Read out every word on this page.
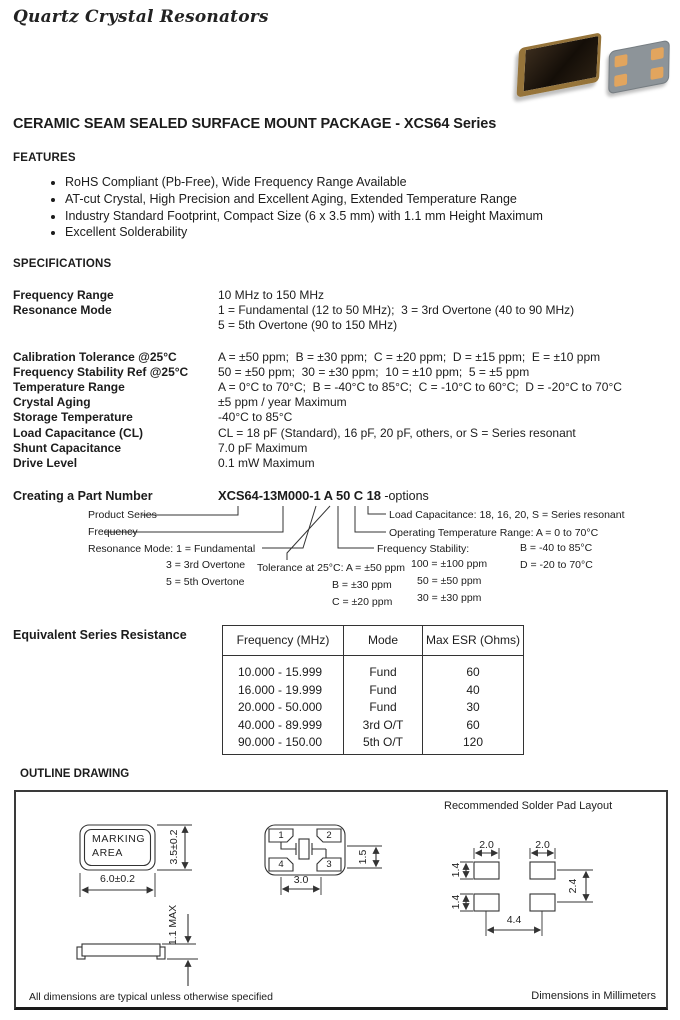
Quartz Crystal Resonators
CERAMIC SEAM SEALED SURFACE MOUNT PACKAGE - XCS64 Series
FEATURES
• RoHS Compliant (Pb-Free), Wide Frequency Range Available
• AT-cut Crystal, High Precision and Excellent Aging, Extended Temperature Range
• Industry Standard Footprint, Compact Size (6 x 3.5 mm) with 1.1 mm Height Maximum
• Excellent Solderability
SPECIFICATIONS
Frequency Range	10 MHz to 150 MHz
Resonance Mode	1 = Fundamental (12 to 50 MHz);  3 = 3rd Overtone (40 to 90 MHz)
5 = 5th Overtone (90 to 150 MHz)
Calibration Tolerance @25°C	A = ±50 ppm;  B = ±30 ppm;  C = ±20 ppm;  D = ±15 ppm;  E = ±10 ppm
Frequency Stability Ref @25°C	50 = ±50 ppm;  30 = ±30 ppm;  10 = ±10 ppm;  5 = ±5 ppm
Temperature Range	A = 0°C to 70°C;  B = -40°C to 85°C;  C = -10°C to 60°C;  D = -20°C to 70°C
Crystal Aging	±5 ppm / year Maximum
Storage Temperature	-40°C to 85°C
Load Capacitance (CL)	CL = 18 pF (Standard), 16 pF, 20 pF, others, or S = Series resonant
Shunt Capacitance	7.0 pF Maximum
Drive Level	0.1 mW Maximum
Creating a Part Number	XCS64-13M000-1 A 50 C 18 -options
Product Series
Frequency
Resonance Mode: 1 = Fundamental
3 = 3rd Overtone
5 = 5th Overtone
Tolerance at 25°C: A = ±50 ppm
B = ±30 ppm
C = ±20 ppm
Frequency Stability:
100 = ±100 ppm
50 = ±50 ppm
30 = ±30 ppm
Load Capacitance: 18, 16, 20, S = Series resonant
Operating Temperature Range: A = 0 to 70°C
B = -40 to 85°C
D = -20 to 70°C
Equivalent Series Resistance	Frequency (MHz)	Mode	Max ESR (Ohms)
10.000 - 15.999	Fund	60
16.000 - 19.999	Fund	40
20.000 - 50.000	Fund	30
40.000 - 89.999	3rd O/T	60
90.000 - 150.00	5th O/T	120

OUTLINE DRAWING
Recommended Solder Pad Layout
MARKING
AREA	3.5±0.2
6.0±0.2
1	2
4	3
3.0
1.5
1.1 MAX
2.0	2.0
1.4
1.4
2.4
4.4
All dimensions are typical unless otherwise specified	Dimensions in Millimeters
